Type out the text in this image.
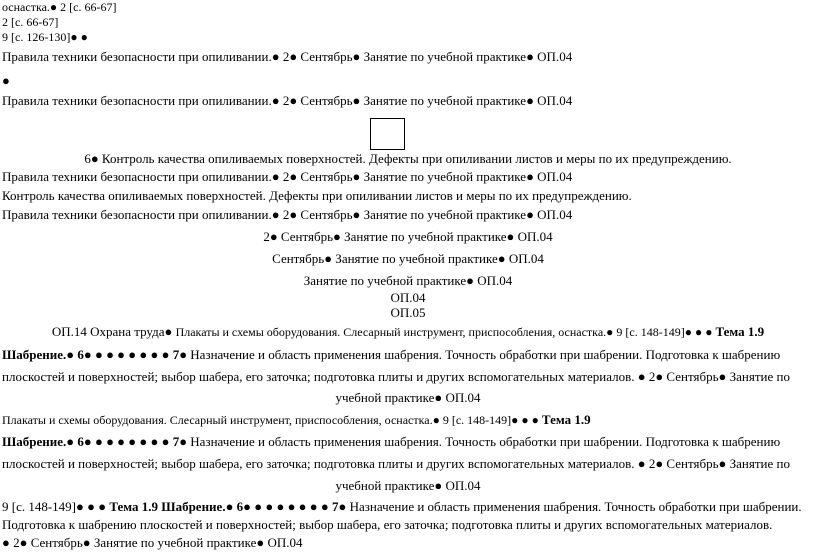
оснастка.● 2 [с. 66-67]
2 [с. 66-67]
9 [с. 126-130]● ●
Правила техники безопасности при опиливании.● 2● Сентябрь● Занятие по учебной практике● ОП.04
●
Правила техники безопасности при опиливании.● 2● Сентябрь● Занятие по учебной практике● ОП.04
6● Контроль качества опиливаемых поверхностей. Дефекты при опиливании листов и меры по их предупреждению.
Правила техники безопасности при опиливании.● 2● Сентябрь● Занятие по учебной практике● ОП.04
Контроль качества опиливаемых поверхностей. Дефекты при опиливании листов и меры по их предупреждению.
Правила техники безопасности при опиливании.● 2● Сентябрь● Занятие по учебной практике● ОП.04
2● Сентябрь● Занятие по учебной практике● ОП.04
Сентябрь● Занятие по учебной практике● ОП.04
Занятие по учебной практике● ОП.04
ОП.04
ОП.05
ОП.14 Охрана труда● Плакаты и схемы оборудования. Слесарный инструмент, приспособления, оснастка.● 9 [с. 148-149]● ● ● Тема 1.9
Шабрение.● 6● ● ● ● ● ● ● ● 7● Назначение и область применения шабрения. Точность обработки при шабрении. Подготовка к шабрению
плоскостей и поверхностей; выбор шабера, его заточка; подготовка плиты и других вспомогательных материалов. ● 2● Сентябрь● Занятие по
учебной практике● ОП.04
Плакаты и схемы оборудования. Слесарный инструмент, приспособления, оснастка.● 9 [с. 148-149]● ● ● Тема 1.9
Шабрение.● 6● ● ● ● ● ● ● ● 7● Назначение и область применения шабрения. Точность обработки при шабрении. Подготовка к шабрению
плоскостей и поверхностей; выбор шабера, его заточка; подготовка плиты и других вспомогательных материалов. ● 2● Сентябрь● Занятие по
учебной практике● ОП.04
9 [с. 148-149]● ● ● Тема 1.9 Шабрение.● 6● ● ● ● ● ● ● ● 7● Назначение и область применения шабрения. Точность обработки при шабрении.
Подготовка к шабрению плоскостей и поверхностей; выбор шабера, его заточка; подготовка плиты и других вспомогательных материалов.
● 2● Сентябрь● Занятие по учебной практике● ОП.04
